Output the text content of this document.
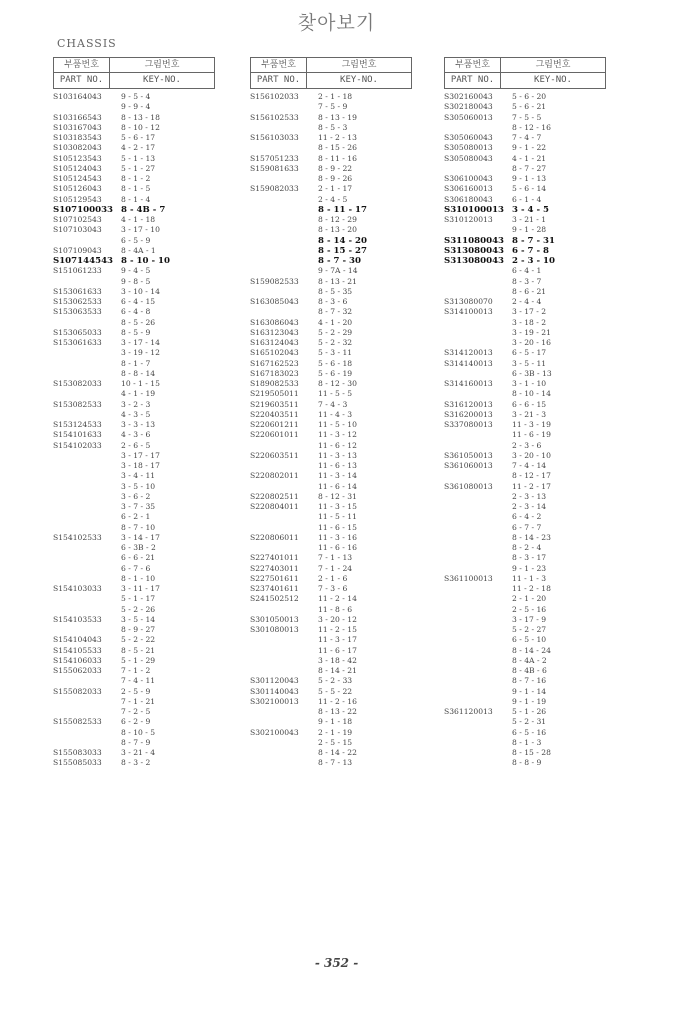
찾아보기
CHASSIS
부품번호
PART NO.
그림번호
KEY-NO.
S103164043	9 - 5 - 4
9 - 9 - 4
S103166543	8 - 13 - 18
S103167043	8 - 10 - 12
S103183543	5 - 6 - 17
S103082043	4 - 2 - 17
S105123543	5 - 1 - 13
S105124043	5 - 1 - 27
S105124543	8 - 1 - 2
S105126043	8 - 1 - 5
S105129543	8 - 1 - 4
S107100033 8 - 4B - 7
S107102543	4 - 1 - 18
S107103043	3 - 17 - 10
6 - 5 - 9
S107109043	8 - 4A - 1
S107144543 8 - 10 - 10
S151061233	9 - 4 - 5
9 - 8 - 5
S153061633	3 - 10 - 14
S153062533	6 - 4 - 15
S153063533	6 - 4 - 8
8 - 5 - 26
S153065033	8 - 5 - 9
S153061633	3 - 17 - 14
3 - 19 - 12
8 - 1 - 7
8 - 8 - 14
S153082033	10 - 1 - 15
4 - 1 - 19
S153082533	3 - 2 - 3
4 - 3 - 5
S153124533	3 - 3 - 13
S154101633	4 - 3 - 6
S154102033	2 - 6 - 5
3 - 17 - 17
3 - 18 - 17
3 - 4 - 11
3 - 5 - 10
3 - 6 - 2
3 - 7 - 35
6 - 2 - 1
8 - 7 - 10
S154102533	3 - 14 - 17
6 - 3B - 2
6 - 6 - 21
6 - 7 - 6
8 - 1 - 10
S154103033	3 - 11 - 17
5 - 1 - 17
5 - 2 - 26
S154103533	3 - 5 - 14
8 - 9 - 27
S154104043	5 - 2 - 22
S154105533	8 - 5 - 21
S154106033	5 - 1 - 29
S155062033	7 - 1 - 2
7 - 4 - 11
S155082033	2 - 5 - 9
7 - 1 - 21
7 - 2 - 5
S155082533	6 - 2 - 9
8 - 10 - 5
8 - 7 - 9
S155083033	3 - 21 - 4
S155085033	8 - 3 - 2
부품번호
PART NO.
그림번호
KEY-NO.
S156102033	2 - 1 - 18
7 - 5 - 9
S156102533	8 - 13 - 19
8 - 5 - 3
S156103033	11 - 2 - 13
8 - 15 - 26
S157051233	8 - 11 - 16
S159081633	8 - 9 - 22
8 - 9 - 26
S159082033	2 - 1 - 17
2 - 4 - 5
8 - 11 - 17
8 - 12 - 29
8 - 13 - 20
8 - 14 - 20
8 - 15 - 27
8 - 7 - 30
9 - 7A - 14
S159082533	8 - 13 - 21
8 - 5 - 35
S163085043	8 - 3 - 6
8 - 7 - 32
S163086043	4 - 1 - 20
S163123043	5 - 2 - 29
S163124043	5 - 2 - 32
S165102043	5 - 3 - 11
S167162523	5 - 6 - 18
S167183023	5 - 6 - 19
S189082533	8 - 12 - 30
S219505011	11 - 5 - 5
S219603511	7 - 4 - 3
S220403511	11 - 4 - 3
S220601211	11 - 5 - 10
S220601011	11 - 3 - 12
11 - 6 - 12
S220603511	11 - 3 - 13
11 - 6 - 13
S220802011	11 - 3 - 14
11 - 6 - 14
S220802511	8 - 12 - 31
S220804011	11 - 3 - 15
11 - 5 - 11
11 - 6 - 15
S220806011	11 - 3 - 16
11 - 6 - 16
S227401011	7 - 1 - 13
S227403011	7 - 1 - 24
S227501611	2 - 1 - 6
S237401611	7 - 3 - 6
S241502512	11 - 2 - 14
11 - 8 - 6
S301050013	3 - 20 - 12
S301080013	11 - 2 - 15
11 - 3 - 17
11 - 6 - 17
3 - 18 - 42
8 - 14 - 21
S301120043	5 - 2 - 33
S301140043	5 - 5 - 22
S302100013	11 - 2 - 16
8 - 13 - 22
9 - 1 - 18
S302100043	2 - 1 - 19
2 - 5 - 15
8 - 14 - 22
8 - 7 - 13
부품번호
PART NO.
그림번호
KEY-NO.
S302160043	5 - 6 - 20
S302180043	5 - 6 - 21
S305060013	7 - 5 - 5
8 - 12 - 16
S305060043	7 - 4 - 7
S305080013	9 - 1 - 22
S305080043	4 - 1 - 21
8 - 7 - 27
S306100043	9 - 1 - 13
S306160013	5 - 6 - 14
S306180043	6 - 1 - 4
S310100013 3 - 4 - 5
S310120013	3 - 21 - 1
9 - 1 - 28
S311080043 8 - 7 - 31
S313080043 6 - 7 - 8
S313080043 2 - 3 - 10
6 - 4 - 1
8 - 3 - 7
8 - 6 - 21
S313080070	2 - 4 - 4
S314100013	3 - 17 - 2
3 - 18 - 2
3 - 19 - 21
3 - 20 - 16
S314120013	6 - 5 - 17
S314140013	3 - 5 - 11
6 - 3B - 13
S314160013	3 - 1 - 10
8 - 10 - 14
S316120013	6 - 6 - 15
S316200013	3 - 21 - 3
S337080013	11 - 3 - 19
11 - 6 - 19
2 - 3 - 6
S361050013	3 - 20 - 10
S361060013	7 - 4 - 14
8 - 12 - 17
S361080013	11 - 2 - 17
2 - 3 - 13
2 - 3 - 14
6 - 4 - 2
6 - 7 - 7
8 - 14 - 23
8 - 2 - 4
8 - 3 - 17
9 - 1 - 23
S361100013	11 - 1 - 3
11 - 2 - 18
2 - 1 - 20
2 - 5 - 16
3 - 17 - 9
5 - 2 - 27
6 - 5 - 10
8 - 14 - 24
8 - 4A - 2
8 - 4B - 6
8 - 7 - 16
9 - 1 - 14
9 - 1 - 19
S361120013	5 - 1 - 26
5 - 2 - 31
6 - 5 - 16
8 - 1 - 3
8 - 15 - 28
8 - 8 - 9
- 352 -
